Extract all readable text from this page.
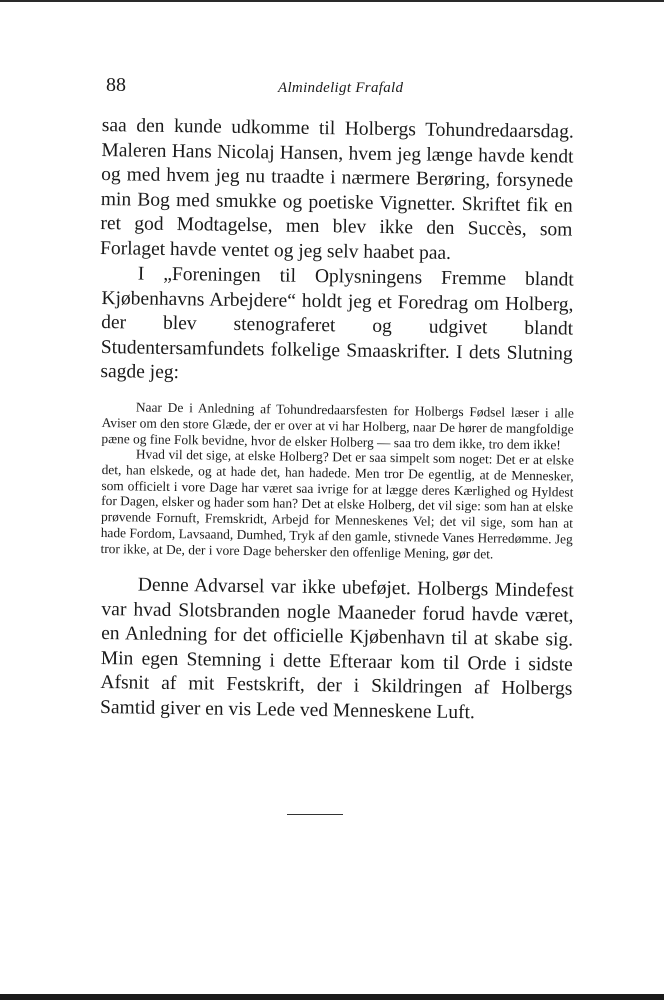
88	Almindeligt Frafald

saa den kunde udkomme til Holbergs Tohundredaarsdag. Maleren Hans Nicolaj Hansen, hvem jeg længe havde kendt og med hvem jeg nu traadte i nærmere Berøring, forsynede min Bog med smukke og poetiske Vignetter. Skriftet fik en ret god Modtagelse, men blev ikke den Succès, som Forlaget havde ventet og jeg selv haabet paa.

I „Foreningen til Oplysningens Fremme blandt Kjøbenhavns Arbejdere“ holdt jeg et Foredrag om Holberg, der blev stenograferet og udgivet blandt Studentersamfundets folkelige Smaaskrifter. I dets Slutning sagde jeg:

Naar De i Anledning af Tohundredaarsfesten for Holbergs Fødsel læser i alle Aviser om den store Glæde, der er over at vi har Holberg, naar De hører de mangfoldige pæne og fine Folk bevidne, hvor de elsker Holberg — saa tro dem ikke, tro dem ikke!

Hvad vil det sige, at elske Holberg? Det er saa simpelt som noget: Det er at elske det, han elskede, og at hade det, han hadede. Men tror De egentlig, at de Mennesker, som officielt i vore Dage har været saa ivrige for at lægge deres Kærlighed og Hyldest for Dagen, elsker og hader som han? Det at elske Holberg, det vil sige: som han at elske prøvende Fornuft, Fremskridt, Arbejd for Menneskenes Vel; det vil sige, som han at hade Fordom, Lavsaand, Dumhed, Tryk af den gamle, stivnede Vanes Herredømme. Jeg tror ikke, at De, der i vore Dage behersker den offenlige Mening, gør det.

Denne Advarsel var ikke ubeføjet. Holbergs Mindefest var hvad Slotsbranden nogle Maaneder forud havde været, en Anledning for det officielle Kjøbenhavn til at skabe sig. Min egen Stemning i dette Efteraar kom til Orde i sidste Afsnit af mit Festskrift, der i Skildringen af Holbergs Samtid giver en vis Lede ved Menneskene Luft.
